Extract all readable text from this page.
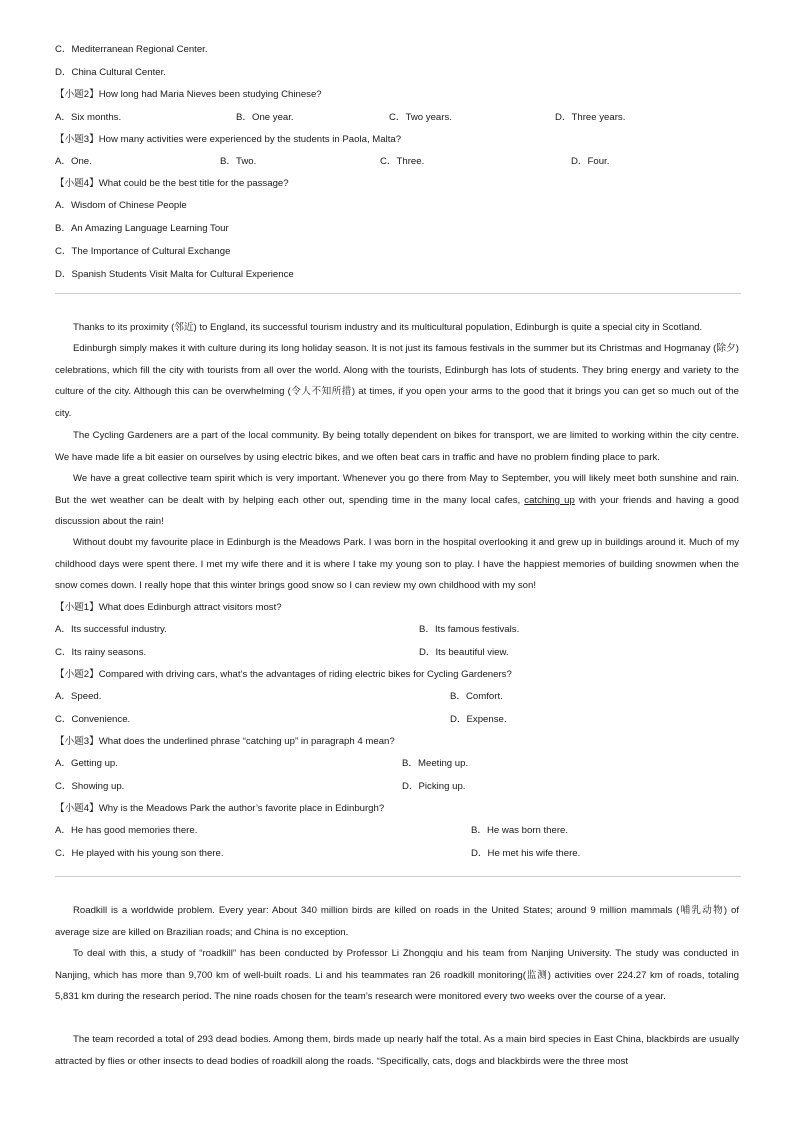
C．Mediterranean Regional Center.
D．China Cultural Center.
【小题2】How long had Maria Nieves been studying Chinese?
A．Six months.	B．One year.	C．Two years.	D．Three years.
【小题3】How many activities were experienced by the students in Paola, Malta?
A．One.	B．Two.	C．Three.	D．Four.
【小题4】What could be the best title for the passage?
A．Wisdom of Chinese People
B．An Amazing Language Learning Tour
C．The Importance of Cultural Exchange
D．Spanish Students Visit Malta for Cultural Experience
Thanks to its proximity (邻近) to England, its successful tourism industry and its multicultural population, Edinburgh is quite a special city in Scotland.
Edinburgh simply makes it with culture during its long holiday season. It is not just its famous festivals in the summer but its Christmas and Hogmanay (除夕) celebrations, which fill the city with tourists from all over the world. Along with the tourists, Edinburgh has lots of students. They bring energy and variety to the culture of the city. Although this can be overwhelming (令人不知所措) at times, if you open your arms to the good that it brings you can get so much out of the city.
The Cycling Gardeners are a part of the local community. By being totally dependent on bikes for transport, we are limited to working within the city centre. We have made life a bit easier on ourselves by using electric bikes, and we often beat cars in traffic and have no problem finding place to park.
We have a great collective team spirit which is very important. Whenever you go there from May to September, you will likely meet both sunshine and rain. But the wet weather can be dealt with by helping each other out, spending time in the many local cafes, catching up with your friends and having a good discussion about the rain!
Without doubt my favourite place in Edinburgh is the Meadows Park. I was born in the hospital overlooking it and grew up in buildings around it. Much of my childhood days were spent there. I met my wife there and it is where I take my young son to play. I have the happiest memories of building snowmen when the snow comes down. I really hope that this winter brings good snow so I can review my own childhood with my son!
【小题1】What does Edinburgh attract visitors most?
A．Its successful industry.	B．Its famous festivals.
C．Its rainy seasons.	D．Its beautiful view.
【小题2】Compared with driving cars, what’s the advantages of riding electric bikes for Cycling Gardeners?
A．Speed.	B．Comfort.
C．Convenience.	D．Expense.
【小题3】What does the underlined phrase “catching up” in paragraph 4 mean?
A．Getting up.	B．Meeting up.
C．Showing up.	D．Picking up.
【小题4】Why is the Meadows Park the author’s favorite place in Edinburgh?
A．He has good memories there.	B．He was born there.
C．He played with his young son there.	D．He met his wife there.
Roadkill is a worldwide problem. Every year: About 340 million birds are killed on roads in the United States; around 9 million mammals (哺乳动物) of average size are killed on Brazilian roads; and China is no exception.
To deal with this, a study of “roadkill” has been conducted by Professor Li Zhongqiu and his team from Nanjing University. The study was conducted in Nanjing, which has more than 9,700 km of well-built roads. Li and his teammates ran 26 roadkill monitoring(监测) activities over 224.27 km of roads, totaling 5,831 km during the research period. The nine roads chosen for the team’s research were monitored every two weeks over the course of a year.
The team recorded a total of 293 dead bodies. Among them, birds made up nearly half the total. As a main bird species in East China, blackbirds are usually attracted by flies or other insects to dead bodies of roadkill along the roads. “Specifically, cats, dogs and blackbirds were the three most
